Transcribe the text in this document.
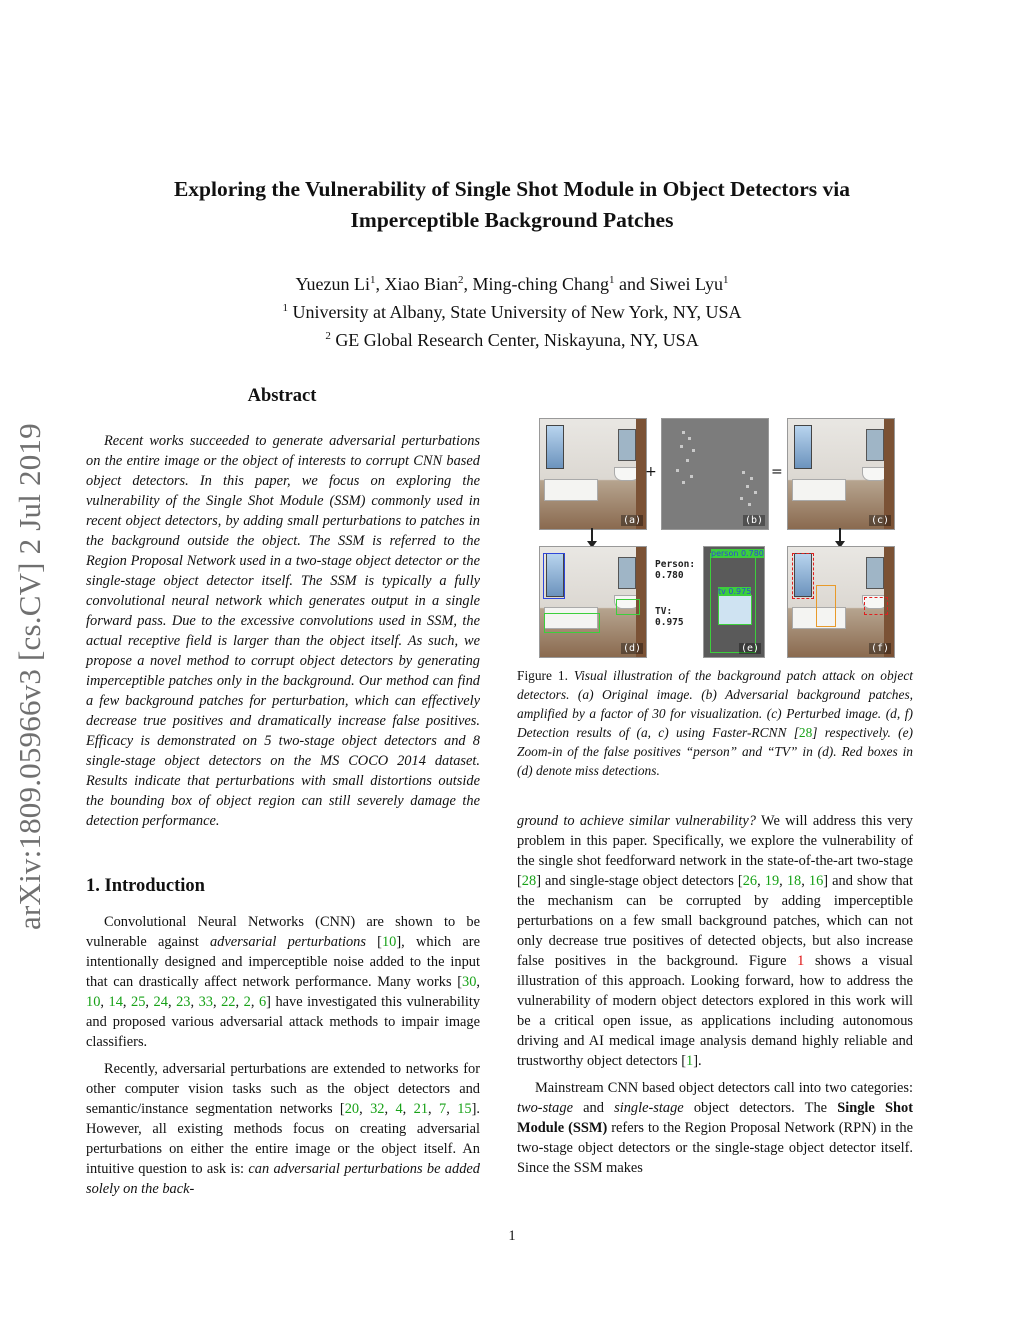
Exploring the Vulnerability of Single Shot Module in Object Detectors via
Imperceptible Background Patches
Yuezun Li$^1$, Xiao Bian$^2$, Ming-ching Chang$^1$ and Siwei Lyu$^1$
$^1$ University at Albany, State University of New York, NY, USA
$^2$ GE Global Research Center, Niskayuna, NY, USA
arXiv:1809.05966v3 [cs.CV] 2 Jul 2019
Abstract
Recent works succeeded to generate adversarial perturbations on the entire image or the object of interests to corrupt CNN based object detectors. In this paper, we focus on exploring the vulnerability of the Single Shot Module (SSM) commonly used in recent object detectors, by adding small perturbations to patches in the background outside the object. The SSM is referred to the Region Proposal Network used in a two-stage object detector or the single-stage object detector itself. The SSM is typically a fully convolutional neural network which generates output in a single forward pass. Due to the excessive convolutions used in SSM, the actual receptive field is larger than the object itself. As such, we propose a novel method to corrupt object detectors by generating imperceptible patches only in the background. Our method can find a few background patches for perturbation, which can effectively decrease true positives and dramatically increase false positives. Efficacy is demonstrated on 5 two-stage object detectors and 8 single-stage object detectors on the MS COCO 2014 dataset. Results indicate that perturbations with small distortions outside the bounding box of object region can still severely damage the detection performance.
1. Introduction

Convolutional Neural Networks (CNN) are shown to be vulnerable against adversarial perturbations [10], which are intentionally designed and imperceptible noise added to the input that can drastically affect network performance. Many works [30, 10, 14, 25, 24, 23, 33, 22, 2, 6] have investigated this vulnerability and proposed various adversarial attack methods to impair image classifiers.

Recently, adversarial perturbations are extended to networks for other computer vision tasks such as the object detectors and semantic/instance segmentation networks [20, 32, 4, 21, 7, 15]. However, all existing methods focus on creating adversarial perturbations on either the entire image or the object itself. An intuitive question to ask is: can adversarial perturbations be added solely on the back-

(a)
+
(b)
=
(c)
(d)
Person:
0.780
TV:
0.975
person 0.780
tv 0.975
(e)	(f)
Figure 1. Visual illustration of the background patch attack on object detectors. (a) Original image. (b) Adversarial background patches, amplified by a factor of 30 for visualization. (c) Perturbed image. (d, f) Detection results of (a, c) using Faster-RCNN [28] respectively. (e) Zoom-in of the false positives “person” and “TV” in (d). Red boxes in (d) denote miss detections.

ground to achieve similar vulnerability? We will address this very problem in this paper. Specifically, we explore the vulnerability of the single shot feedforward network in the state-of-the-art two-stage [28] and single-stage object detectors [26, 19, 18, 16] and show that the mechanism can be corrupted by adding imperceptible perturbations on a few small background patches, which can not only decrease true positives of detected objects, but also increase false positives in the background. Figure 1 shows a visual illustration of this approach. Looking forward, how to address the vulnerability of modern object detectors explored in this work will be a critical open issue, as applications including autonomous driving and AI medical image analysis demand highly reliable and trustworthy object detectors [1].

Mainstream CNN based object detectors call into two categories: two-stage and single-stage object detectors. The Single Shot Module (SSM) refers to the Region Proposal Network (RPN) in the two-stage object detectors or the single-stage object detector itself. Since the SSM makes

1
